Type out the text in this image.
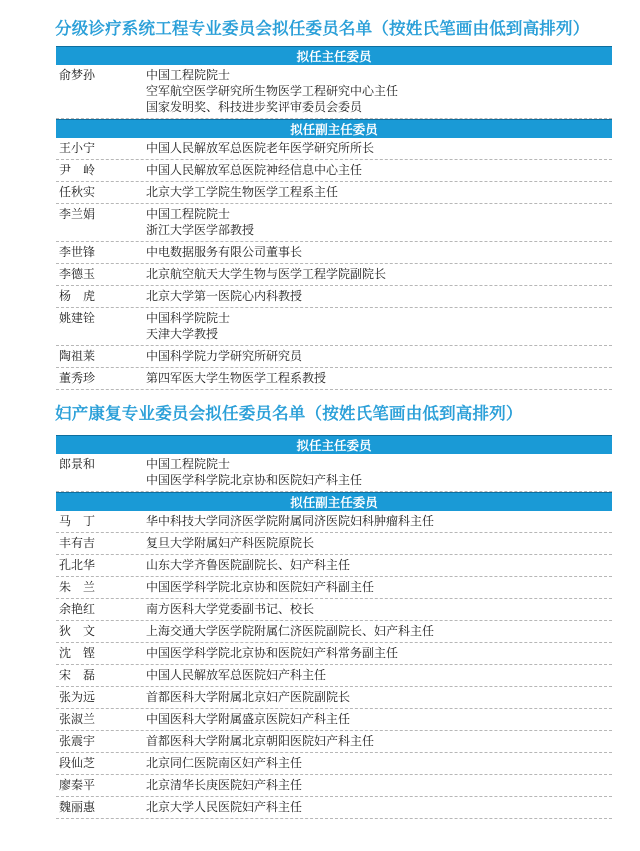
分级诊疗系统工程专业委员会拟任委员名单（按姓氏笔画由低到高排列）
拟任主任委员
俞梦孙	中国工程院院士
空军航空医学研究所生物医学工程研究中心主任
国家发明奖、科技进步奖评审委员会委员
拟任副主任委员
王小宁	中国人民解放军总医院老年医学研究所所长
尹　岭	中国人民解放军总医院神经信息中心主任
任秋实	北京大学工学院生物医学工程系主任
李兰娟	中国工程院院士
浙江大学医学部教授
李世锋	中电数据服务有限公司董事长
李德玉	北京航空航天大学生物与医学工程学院副院长
杨　虎	北京大学第一医院心内科教授
姚建铨	中国科学院院士
天津大学教授
陶祖莱	中国科学院力学研究所研究员
董秀珍	第四军医大学生物医学工程系教授
妇产康复专业委员会拟任委员名单（按姓氏笔画由低到高排列）
拟任主任委员
郎景和	中国工程院院士
中国医学科学院北京协和医院妇产科主任
拟任副主任委员
马　丁	华中科技大学同济医学院附属同济医院妇科肿瘤科主任
丰有吉	复旦大学附属妇产科医院原院长
孔北华	山东大学齐鲁医院副院长、妇产科主任
朱　兰	中国医学科学院北京协和医院妇产科副主任
余艳红	南方医科大学党委副书记、校长
狄　文	上海交通大学医学院附属仁济医院副院长、妇产科主任
沈　铿	中国医学科学院北京协和医院妇产科常务副主任
宋　磊	中国人民解放军总医院妇产科主任
张为远	首都医科大学附属北京妇产医院副院长
张淑兰	中国医科大学附属盛京医院妇产科主任
张震宇	首都医科大学附属北京朝阳医院妇产科主任
段仙芝	北京同仁医院南区妇产科主任
廖秦平	北京清华长庚医院妇产科主任
魏丽惠	北京大学人民医院妇产科主任
